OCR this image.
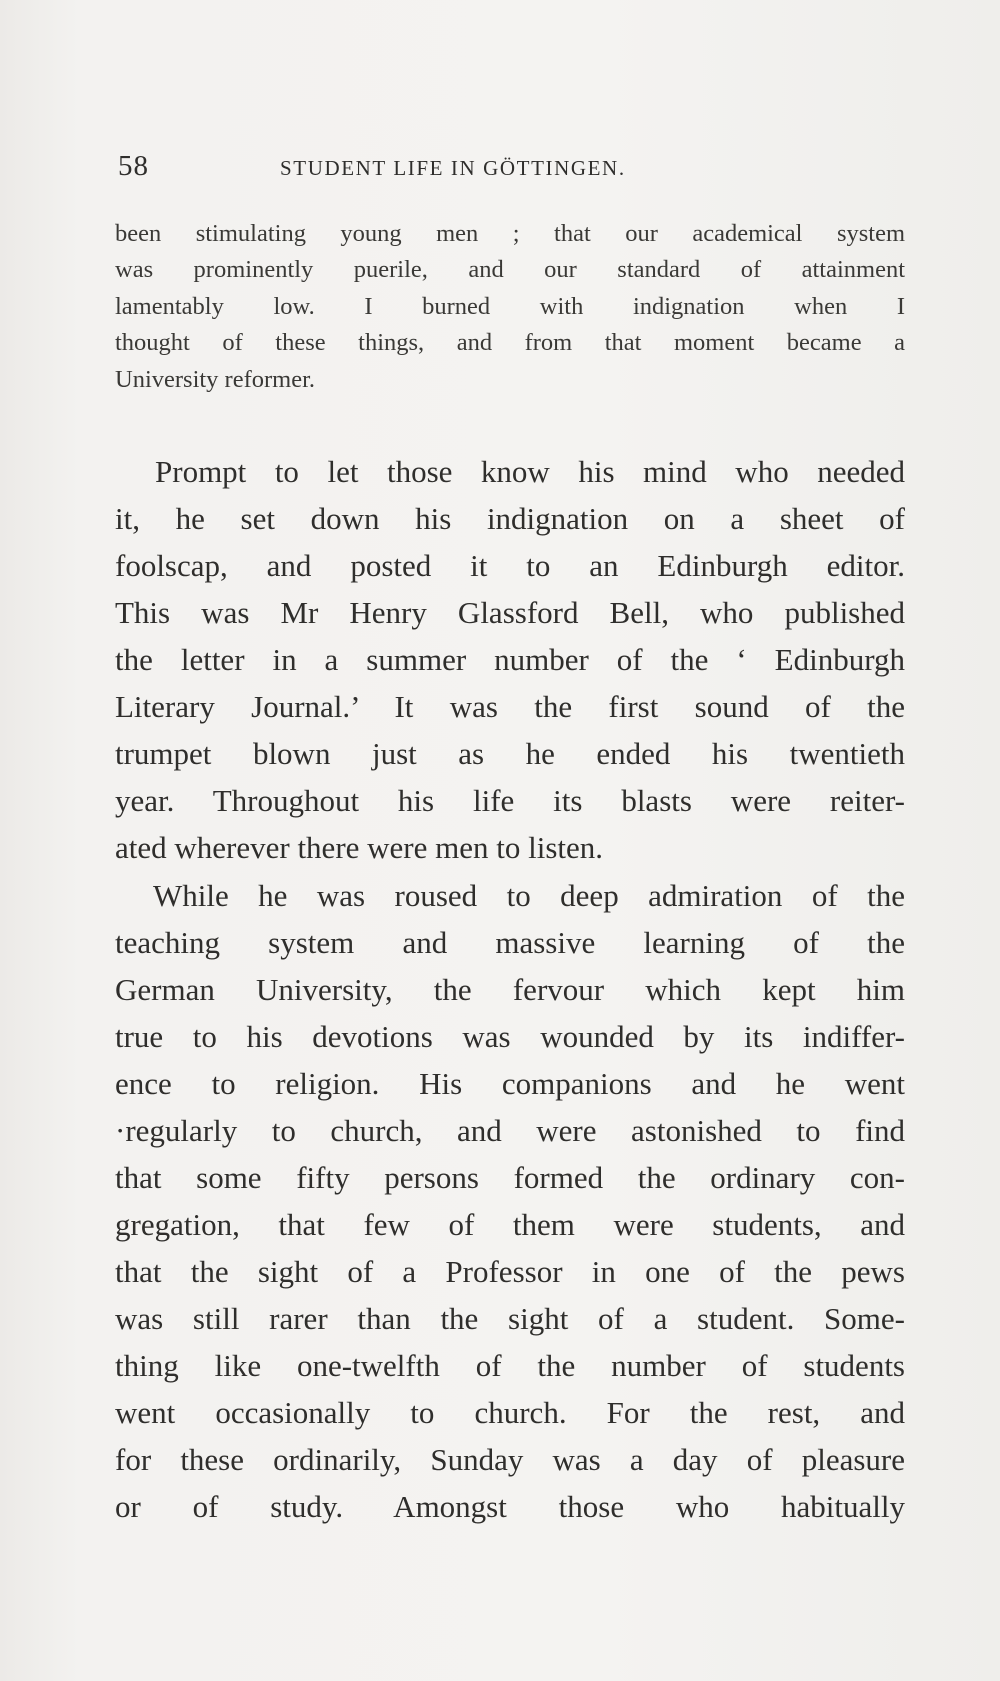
58	STUDENT LIFE IN GÖTTINGEN.
been stimulating young men ; that our academical system
was prominently puerile, and our standard of attainment
lamentably low. I burned with indignation when I
thought of these things, and from that moment became a
University reformer.
Prompt to let those know his mind who needed
it, he set down his indignation on a sheet of
foolscap, and posted it to an Edinburgh editor.
This was Mr Henry Glassford Bell, who published
the letter in a summer number of the ‘ Edinburgh
Literary Journal.’ It was the first sound of the
trumpet blown just as he ended his twentieth
year. Throughout his life its blasts were reiter-
ated wherever there were men to listen.
While he was roused to deep admiration of the
teaching system and massive learning of the
German University, the fervour which kept him
true to his devotions was wounded by its indiffer-
ence to religion. His companions and he went
·regularly to church, and were astonished to find
that some fifty persons formed the ordinary con-
gregation, that few of them were students, and
that the sight of a Professor in one of the pews
was still rarer than the sight of a student. Some-
thing like one-twelfth of the number of students
went occasionally to church. For the rest, and
for these ordinarily, Sunday was a day of pleasure
or of study. Amongst those who habitually
